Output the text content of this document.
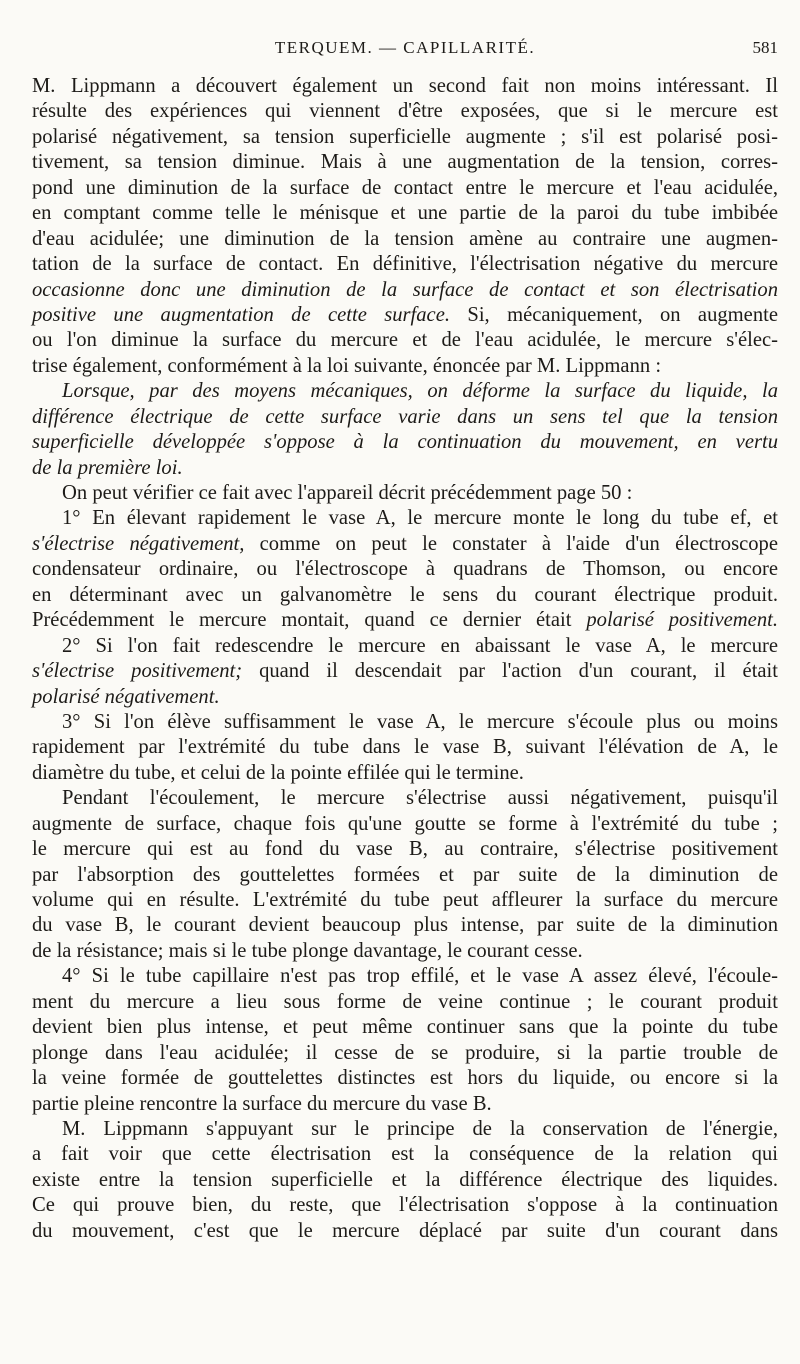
TERQUEM. — CAPILLARITÉ.	581
M. Lippmann a découvert également un second fait non moins intéressant. Il
résulte des expériences qui viennent d'être exposées, que si le mercure est
polarisé négativement, sa tension superficielle augmente ; s'il est polarisé posi-
tivement, sa tension diminue. Mais à une augmentation de la tension, corres-
pond une diminution de la surface de contact entre le mercure et l'eau acidulée,
en comptant comme telle le ménisque et une partie de la paroi du tube imbibée
d'eau acidulée; une diminution de la tension amène au contraire une augmen-
tation de la surface de contact. En définitive, l'électrisation négative du mercure
occasionne donc une diminution de la surface de contact et son électrisation
positive une augmentation de cette surface. Si, mécaniquement, on augmente
ou l'on diminue la surface du mercure et de l'eau acidulée, le mercure s'élec-
trise également, conformément à la loi suivante, énoncée par M. Lippmann :
Lorsque, par des moyens mécaniques, on déforme la surface du liquide, la
différence électrique de cette surface varie dans un sens tel que la tension
superficielle développée s'oppose à la continuation du mouvement, en vertu
de la première loi.
On peut vérifier ce fait avec l'appareil décrit précédemment page 50 :
1° En élevant rapidement le vase A, le mercure monte le long du tube ef, et
s'électrise négativement, comme on peut le constater à l'aide d'un électroscope
condensateur ordinaire, ou l'électroscope à quadrans de Thomson, ou encore
en déterminant avec un galvanomètre le sens du courant électrique produit.
Précédemment le mercure montait, quand ce dernier était polarisé positivement.
2° Si l'on fait redescendre le mercure en abaissant le vase A, le mercure
s'électrise positivement; quand il descendait par l'action d'un courant, il était
polarisé négativement.
3° Si l'on élève suffisamment le vase A, le mercure s'écoule plus ou moins
rapidement par l'extrémité du tube dans le vase B, suivant l'élévation de A, le
diamètre du tube, et celui de la pointe effilée qui le termine.
Pendant l'écoulement, le mercure s'électrise aussi négativement, puisqu'il
augmente de surface, chaque fois qu'une goutte se forme à l'extrémité du tube ;
le mercure qui est au fond du vase B, au contraire, s'électrise positivement
par l'absorption des gouttelettes formées et par suite de la diminution de
volume qui en résulte. L'extrémité du tube peut affleurer la surface du mercure
du vase B, le courant devient beaucoup plus intense, par suite de la diminution
de la résistance; mais si le tube plonge davantage, le courant cesse.
4° Si le tube capillaire n'est pas trop effilé, et le vase A assez élevé, l'écoule-
ment du mercure a lieu sous forme de veine continue ; le courant produit
devient bien plus intense, et peut même continuer sans que la pointe du tube
plonge dans l'eau acidulée; il cesse de se produire, si la partie trouble de
la veine formée de gouttelettes distinctes est hors du liquide, ou encore si la
partie pleine rencontre la surface du mercure du vase B.
M. Lippmann s'appuyant sur le principe de la conservation de l'énergie,
a fait voir que cette électrisation est la conséquence de la relation qui
existe entre la tension superficielle et la différence électrique des liquides.
Ce qui prouve bien, du reste, que l'électrisation s'oppose à la continuation
du mouvement, c'est que le mercure déplacé par suite d'un courant dans
